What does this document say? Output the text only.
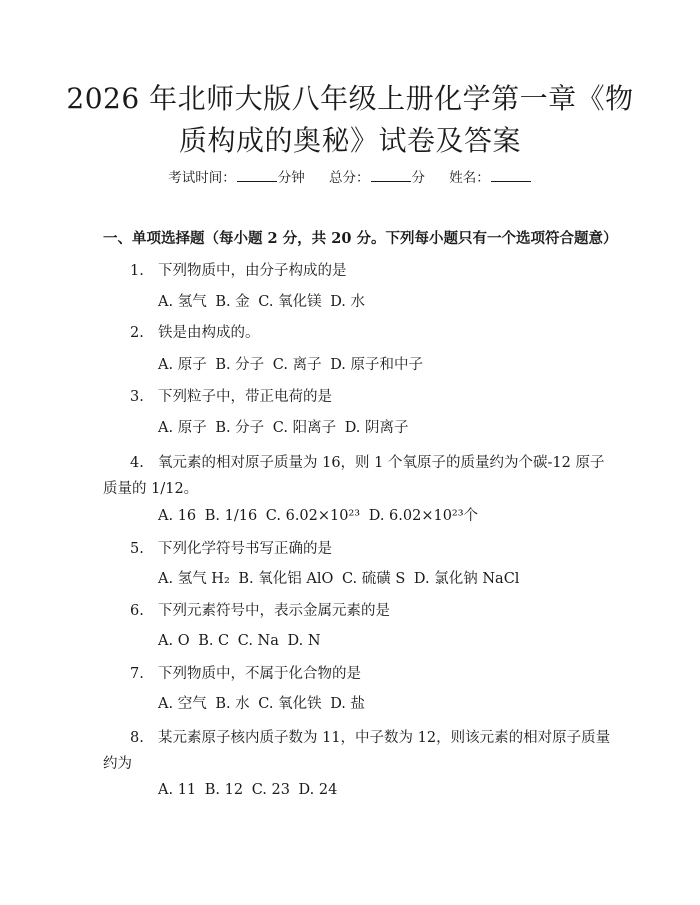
2026 年北师大版八年级上册化学第一章《物
质构成的奥秘》试卷及答案
考试时间：	分钟 总分：	分 姓名：
一、单项选择题（每小题 2 分，共 20 分。下列每小题只有一个选项符合题意）
1. 下列物质中，由分子构成的是
A. 氢气 B. 金 C. 氧化镁 D. 水
2. 铁是由构成的。
A. 原子 B. 分子 C. 离子 D. 原子和中子
3. 下列粒子中，带正电荷的是
A. 原子 B. 分子 C. 阳离子 D. 阴离子
4. 氧元素的相对原子质量为 16，则 1 个氧原子的质量约为个碳-12 原子质量的 1/12。
A. 16 B. 1/16 C. 6.02×10²³ D. 6.02×10²³个
5. 下列化学符号书写正确的是
A. 氢气 H₂ B. 氧化铝 AlO C. 硫磺 S D. 氯化钠 NaCl
6. 下列元素符号中，表示金属元素的是
A. O B. C C. Na D. N
7. 下列物质中，不属于化合物的是
A. 空气 B. 水 C. 氧化铁 D. 盐
8. 某元素原子核内质子数为 11，中子数为 12，则该元素的相对原子质量约为
A. 11 B. 12 C. 23 D. 24
